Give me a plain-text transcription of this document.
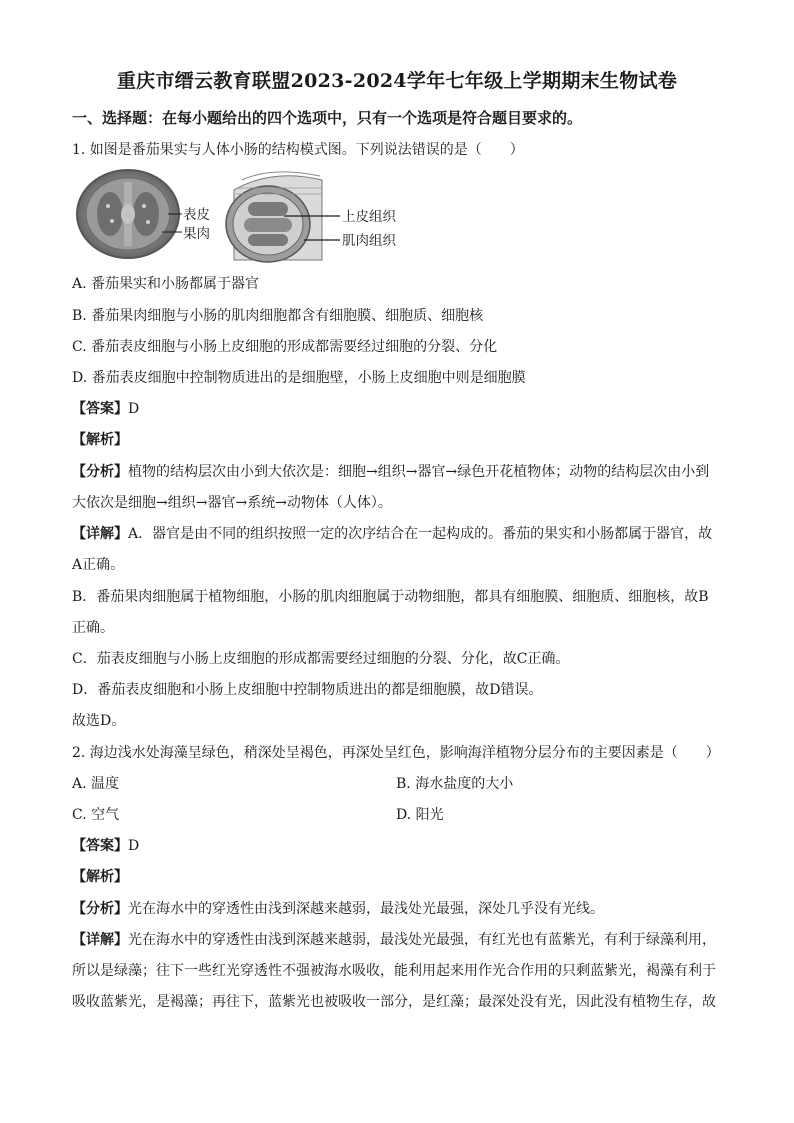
重庆市缙云教育联盟2023-2024学年七年级上学期期末生物试卷
一、选择题：在每小题给出的四个选项中，只有一个选项是符合题目要求的。
1. 如图是番茄果实与人体小肠的结构模式图。下列说法错误的是（　　）
表皮
果肉
上皮组织
肌肉组织
A. 番茄果实和小肠都属于器官
B. 番茄果肉细胞与小肠的肌肉细胞都含有细胞膜、细胞质、细胞核
C. 番茄表皮细胞与小肠上皮细胞的形成都需要经过细胞的分裂、分化
D. 番茄表皮细胞中控制物质进出的是细胞壁，小肠上皮细胞中则是细胞膜
【答案】D
【解析】
【分析】植物的结构层次由小到大依次是：细胞→组织→器官→绿色开花植物体；动物的结构层次由小到
大依次是细胞→组织→器官→系统→动物体（人体）。
【详解】A．器官是由不同的组织按照一定的次序结合在一起构成的。番茄的果实和小肠都属于器官，故
A正确。
B．番茄果肉细胞属于植物细胞，小肠的肌肉细胞属于动物细胞，都具有细胞膜、细胞质、细胞核，故B
正确。
C．茄表皮细胞与小肠上皮细胞的形成都需要经过细胞的分裂、分化，故C正确。
D．番茄表皮细胞和小肠上皮细胞中控制物质进出的都是细胞膜，故D错误。
故选D。
2. 海边浅水处海藻呈绿色，稍深处呈褐色，再深处呈红色，影响海洋植物分层分布的主要因素是（　　）
A. 温度	B. 海水盐度的大小
C. 空气	D. 阳光
【答案】D
【解析】
【分析】光在海水中的穿透性由浅到深越来越弱，最浅处光最强，深处几乎没有光线。
【详解】光在海水中的穿透性由浅到深越来越弱，最浅处光最强，有红光也有蓝紫光，有利于绿藻利用，
所以是绿藻；往下一些红光穿透性不强被海水吸收，能利用起来用作光合作用的只剩蓝紫光，褐藻有利于
吸收蓝紫光，是褐藻；再往下，蓝紫光也被吸收一部分，是红藻；最深处没有光，因此没有植物生存，故
